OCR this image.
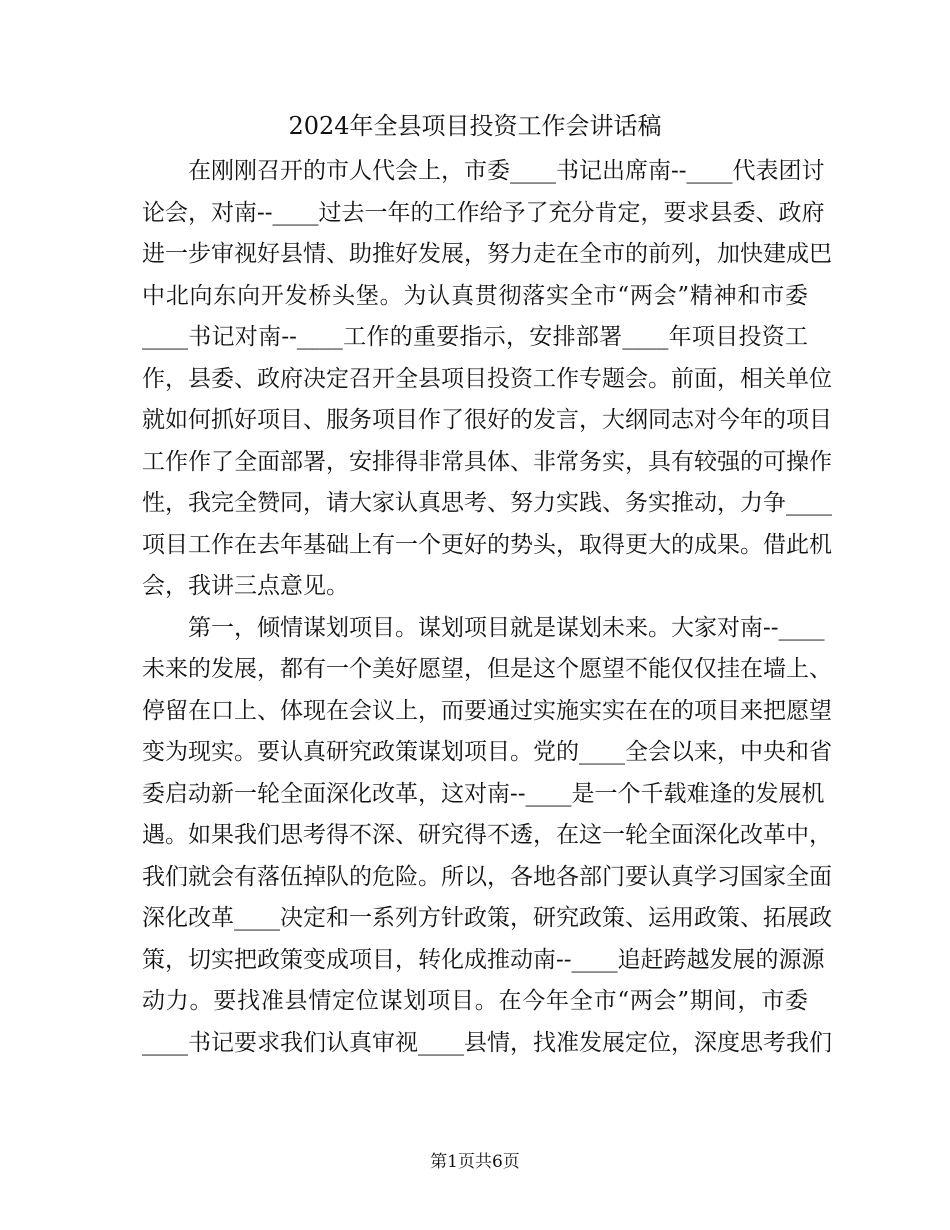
2024年全县项目投资工作会讲话稿

在刚刚召开的市人代会上，市委____书记出席南--____代表团讨
论会，对南--____过去一年的工作给予了充分肯定，要求县委、政府
进一步审视好县情、助推好发展，努力走在全市的前列，加快建成巴
中北向东向开发桥头堡。为认真贯彻落实全市“两会”精神和市委
____书记对南--____工作的重要指示，安排部署____年项目投资工
作，县委、政府决定召开全县项目投资工作专题会。前面，相关单位
就如何抓好项目、服务项目作了很好的发言，大纲同志对今年的项目
工作作了全面部署，安排得非常具体、非常务实，具有较强的可操作
性，我完全赞同，请大家认真思考、努力实践、务实推动，力争____
项目工作在去年基础上有一个更好的势头，取得更大的成果。借此机
会，我讲三点意见。

第一，倾情谋划项目。谋划项目就是谋划未来。大家对南--____
未来的发展，都有一个美好愿望，但是这个愿望不能仅仅挂在墙上、
停留在口上、体现在会议上，而要通过实施实实在在的项目来把愿望
变为现实。要认真研究政策谋划项目。党的____全会以来，中央和省
委启动新一轮全面深化改革，这对南--____是一个千载难逢的发展机
遇。如果我们思考得不深、研究得不透，在这一轮全面深化改革中，
我们就会有落伍掉队的危险。所以，各地各部门要认真学习国家全面
深化改革____决定和一系列方针政策，研究政策、运用政策、拓展政
策，切实把政策变成项目，转化成推动南--____追赶跨越发展的源源
动力。要找准县情定位谋划项目。在今年全市“两会”期间，市委
____书记要求我们认真审视____县情，找准发展定位，深度思考我们

第1页共6页
